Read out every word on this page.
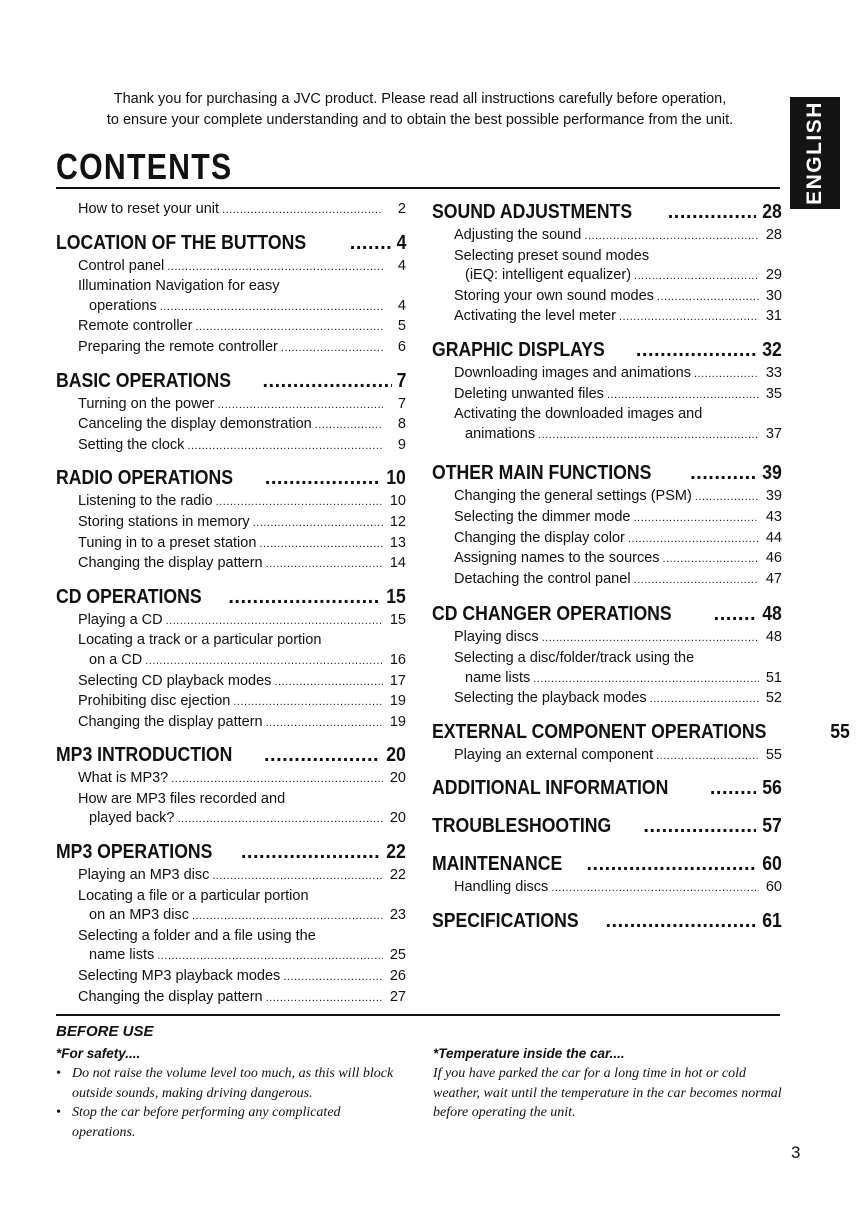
Thank you for purchasing a JVC product. Please read all instructions carefully before operation,
to ensure your complete understanding and to obtain the best possible performance from the unit.	ENGLISH
CONTENTS
How to reset your unit .....	2
LOCATION OF THE BUTTONS .....	4
Control panel .....	4
Illumination Navigation for easy
operations .....	4
Remote controller .....	5
Preparing the remote controller .....	6
BASIC OPERATIONS .....	7
Turning on the power .....	7
Canceling the display demonstration .....	8
Setting the clock .....	9
RADIO OPERATIONS .....	10
Listening to the radio .....	10
Storing stations in memory .....	12
Tuning in to a preset station .....	13
Changing the display pattern .....	14
CD OPERATIONS .....	15
Playing a CD .....	15
Locating a track or a particular portion
on a CD .....	16
Selecting CD playback modes .....	17
Prohibiting disc ejection .....	19
Changing the display pattern .....	19
MP3 INTRODUCTION .....	20
What is MP3? .....	20
How are MP3 files recorded and
played back? .....	20
MP3 OPERATIONS .....	22
Playing an MP3 disc .....	22
Locating a file or a particular portion
on an MP3 disc .....	23
Selecting a folder and a file using the
name lists .....	25
Selecting MP3 playback modes .....	26
Changing the display pattern .....	27
SOUND ADJUSTMENTS .....	28
Adjusting the sound .....	28
Selecting preset sound modes
(iEQ: intelligent equalizer) .....	29
Storing your own sound modes .....	30
Activating the level meter .....	31
GRAPHIC DISPLAYS .....	32
Downloading images and animations .....	33
Deleting unwanted files .....	35
Activating the downloaded images and
animations .....	37
OTHER MAIN FUNCTIONS .....	39
Changing the general settings (PSM) .....	39
Selecting the dimmer mode .....	43
Changing the display color .....	44
Assigning names to the sources .....	46
Detaching the control panel .....	47
CD CHANGER OPERATIONS .....	48
Playing discs .....	48
Selecting a disc/folder/track using the
name lists .....	51
Selecting the playback modes .....	52
EXTERNAL COMPONENT OPERATIONS	55
Playing an external component .....	55
ADDITIONAL INFORMATION .....	56
TROUBLESHOOTING .....	57
MAINTENANCE .....	60
Handling discs .....	60
SPECIFICATIONS .....	61
BEFORE USE
*For safety....
• Do not raise the volume level too much, as this will block outside sounds, making driving dangerous.
• Stop the car before performing any complicated operations.
*Temperature inside the car....
If you have parked the car for a long time in hot or cold weather, wait until the temperature in the car becomes normal before operating the unit.
3
